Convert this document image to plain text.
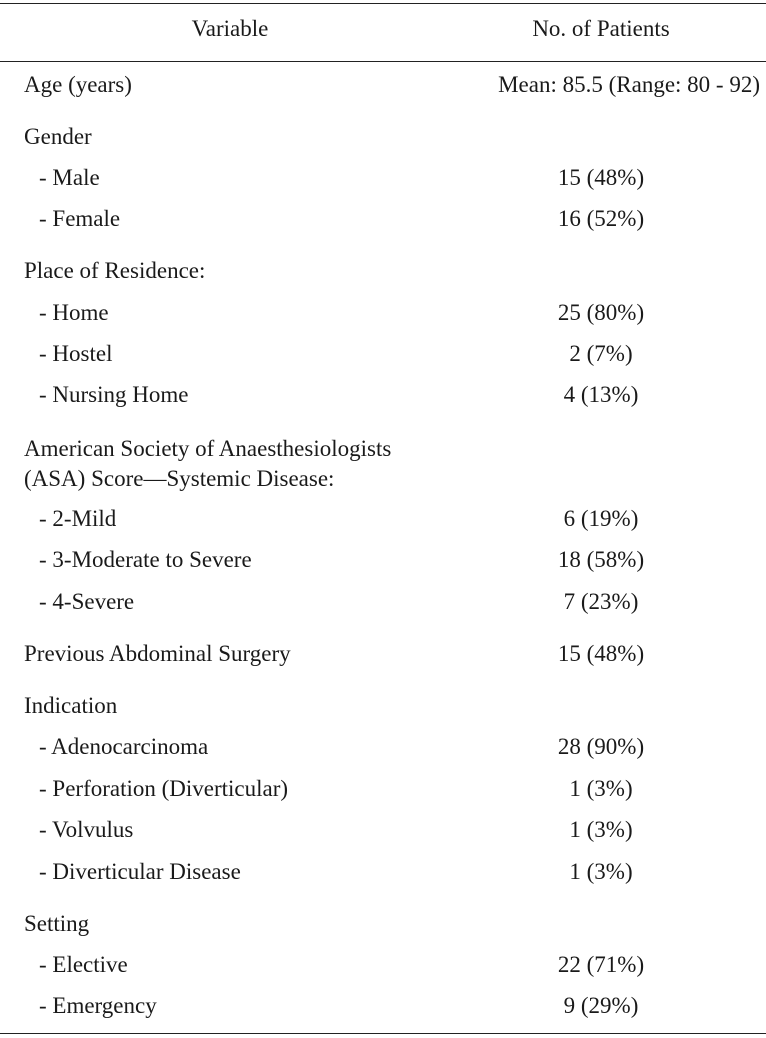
Variable	No. of Patients
Age (years)	Mean: 85.5 (Range: 80 - 92)
Gender
- Male	15 (48%)
- Female	16 (52%)
Place of Residence:
- Home	25 (80%)
- Hostel	2 (7%)
- Nursing Home	4 (13%)
American Society of Anaesthesiologists (ASA) Score—Systemic Disease:
- 2-Mild	6 (19%)
- 3-Moderate to Severe	18 (58%)
- 4-Severe	7 (23%)
Previous Abdominal Surgery	15 (48%)
Indication
- Adenocarcinoma	28 (90%)
- Perforation (Diverticular)	1 (3%)
- Volvulus	1 (3%)
- Diverticular Disease	1 (3%)
Setting
- Elective	22 (71%)
- Emergency	9 (29%)
